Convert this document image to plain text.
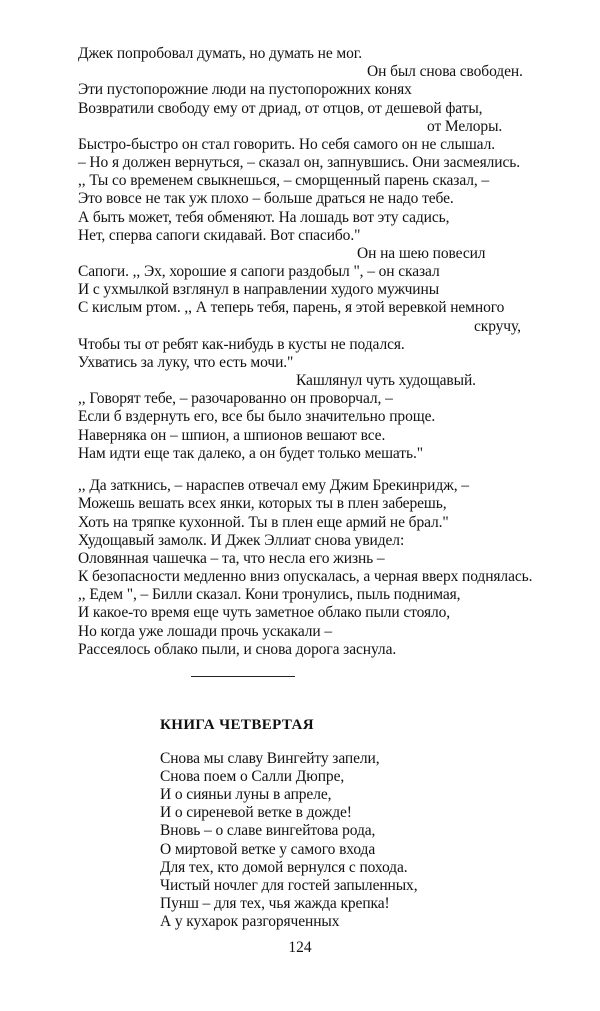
Джек попробовал думать, но думать не мог.
Он был снова свободен.
Эти пустопорожние люди на пустопорожних конях
Возвратили свободу ему от дриад, от отцов, от дешевой фаты,
от Мелоры.
Быстро-быстро он стал говорить. Но себя самого он не слышал.
– Но я должен вернуться, – сказал он, запнувшись. Они засмеялись.
,, Ты со временем свыкнешься, – сморщенный парень сказал, –
Это вовсе не так уж плохо – больше драться не надо тебе.
А быть может, тебя обменяют. На лошадь вот эту садись,
Нет, сперва сапоги скидавай. Вот спасибо."
Он на шею повесил
Сапоги. ,, Эх, хорошие я сапоги раздобыл ", – он сказал
И с ухмылкой взглянул в направлении худого мужчины
С кислым ртом. ,, А теперь тебя, парень, я этой веревкой немного
скручу,
Чтобы ты от ребят как-нибудь в кусты не подался.
Ухватись за луку, что есть мочи."
Кашлянул чуть худощавый.
,, Говорят тебе, – разочарованно он проворчал, –
Если б вздернуть его, все бы было значительно проще.
Наверняка он – шпион, а шпионов вешают все.
Нам идти еще так далеко, а он будет только мешать."
,, Да заткнись, – нараспев отвечал ему Джим Брекинридж, –
Можешь вешать всех янки, которых ты в плен заберешь,
Хоть на тряпке кухонной. Ты в плен еще армий не брал."
Худощавый замолк. И Джек Эллиат снова увидел:
Оловянная чашечка – та, что несла его жизнь –
К безопасности медленно вниз опускалась, а черная вверх поднялась.
,, Едем ", – Билли сказал. Кони тронулись, пыль поднимая,
И какое-то время еще чуть заметное облако пыли стояло,
Но когда уже лошади прочь ускакали –
Рассеялось облако пыли, и снова дорога заснула.
КНИГА ЧЕТВЕРТАЯ
Снова мы славу Вингейту запели,
Снова поем о Салли Дюпре,
И о сияньи луны в апреле,
И о сиреневой ветке в дожде!
Вновь – о славе вингейтова рода,
О миртовой ветке у самого входа
Для тех, кто домой вернулся с похода.
Чистый ночлег для гостей запыленных,
Пунш – для тех, чья жажда крепка!
А у кухарок разгоряченных
124
